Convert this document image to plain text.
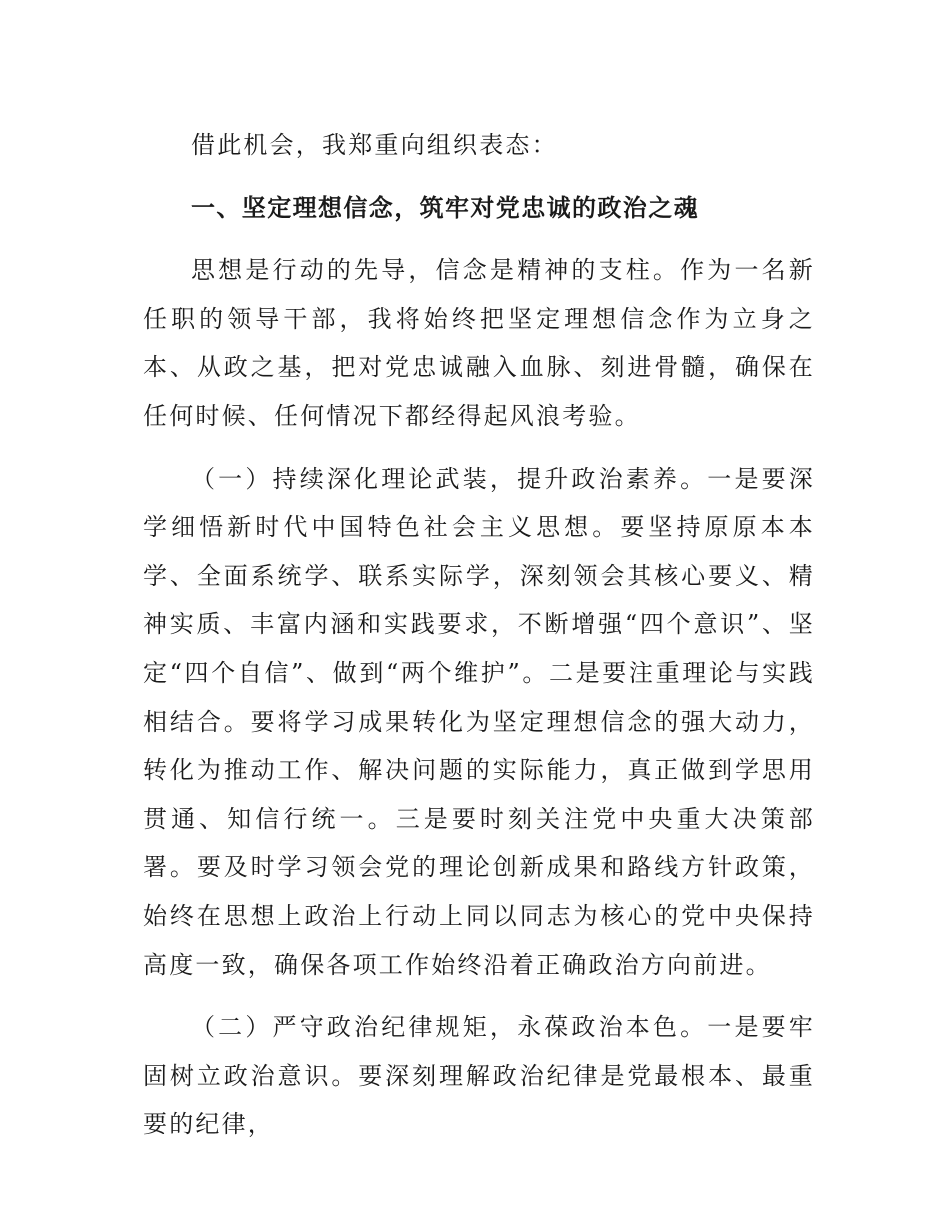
借此机会，我郑重向组织表态：

一、坚定理想信念，筑牢对党忠诚的政治之魂

思想是行动的先导，信念是精神的支柱。作为一名新任职的领导干部，我将始终把坚定理想信念作为立身之本、从政之基，把对党忠诚融入血脉、刻进骨髓，确保在任何时候、任何情况下都经得起风浪考验。

（一）持续深化理论武装，提升政治素养。一是要深学细悟新时代中国特色社会主义思想。要坚持原原本本学、全面系统学、联系实际学，深刻领会其核心要义、精神实质、丰富内涵和实践要求，不断增强“四个意识”、坚定“四个自信”、做到“两个维护”。二是要注重理论与实践相结合。要将学习成果转化为坚定理想信念的强大动力，转化为推动工作、解决问题的实际能力，真正做到学思用贯通、知信行统一。三是要时刻关注党中央重大决策部署。要及时学习领会党的理论创新成果和路线方针政策，始终在思想上政治上行动上同以同志为核心的党中央保持高度一致，确保各项工作始终沿着正确政治方向前进。

（二）严守政治纪律规矩，永葆政治本色。一是要牢固树立政治意识。要深刻理解政治纪律是党最根本、最重要的纪律，
